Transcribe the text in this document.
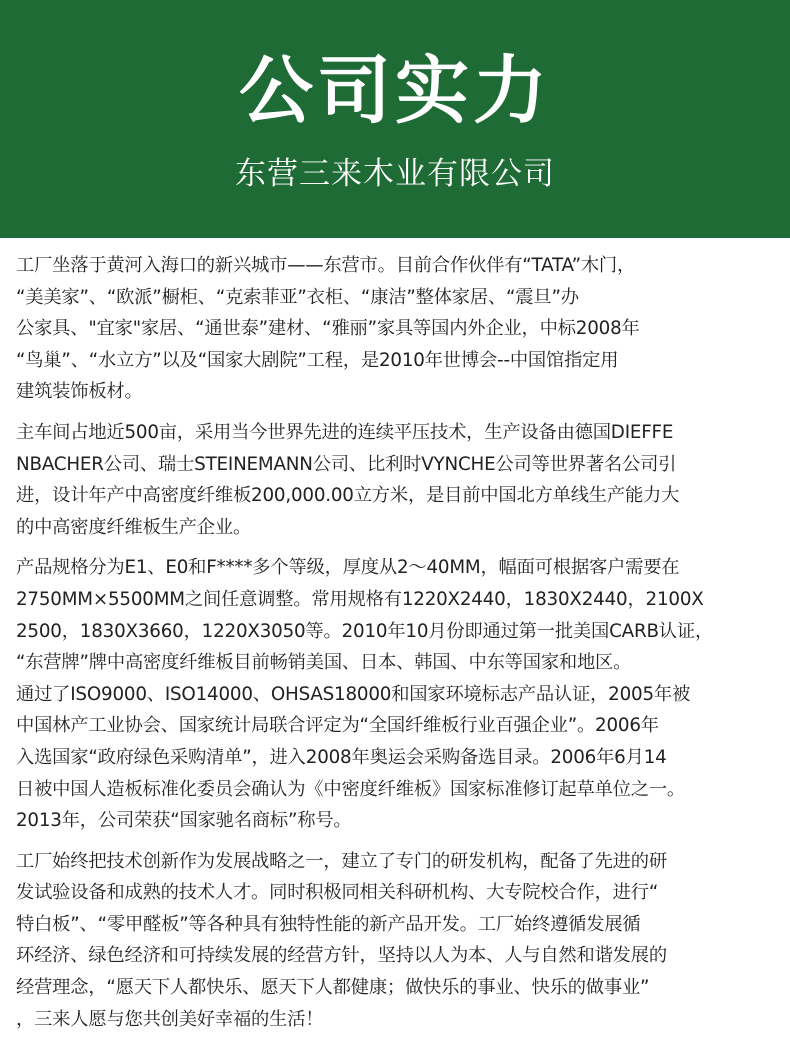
公司实力
东营三来木业有限公司

工厂坐落于黄河入海口的新兴城市——东营市。目前合作伙伴有“TATA”木门，
“美美家”、“欧派”橱柜、“克索菲亚”衣柜、“康洁”整体家居、“震旦”办
公家具、"宜家"家居、“通世泰”建材、“雅丽”家具等国内外企业，中标2008年
“鸟巢”、“水立方”以及“国家大剧院”工程，是2010年世博会--中国馆指定用
建筑装饰板材。

主车间占地近500亩，采用当今世界先进的连续平压技术，生产设备由德国DIEFFE
NBACHER公司、瑞士STEINEMANN公司、比利时VYNCHE公司等世界著名公司引
进，设计年产中高密度纤维板200,000.00立方米，是目前中国北方单线生产能力大
的中高密度纤维板生产企业。

产品规格分为E1、E0和F****多个等级，厚度从2～40MM，幅面可根据客户需要在
2750MM×5500MM之间任意调整。常用规格有1220X2440，1830X2440，2100X
2500，1830X3660，1220X3050等。2010年10月份即通过第一批美国CARB认证，
“东营牌”牌中高密度纤维板目前畅销美国、日本、韩国、中东等国家和地区。
通过了ISO9000、ISO14000、OHSAS18000和国家环境标志产品认证，2005年被
中国林产工业协会、国家统计局联合评定为“全国纤维板行业百强企业”。2006年
入选国家“政府绿色采购清单”，进入2008年奥运会采购备选目录。2006年6月14
日被中国人造板标准化委员会确认为《中密度纤维板》国家标准修订起草单位之一。
2013年，公司荣获“国家驰名商标”称号。

工厂始终把技术创新作为发展战略之一，建立了专门的研发机构，配备了先进的研
发试验设备和成熟的技术人才。同时积极同相关科研机构、大专院校合作，进行“
特白板”、“零甲醛板”等各种具有独特性能的新产品开发。工厂始终遵循发展循
环经济、绿色经济和可持续发展的经营方针，坚持以人为本、人与自然和谐发展的
经营理念，“愿天下人都快乐、愿天下人都健康；做快乐的事业、快乐的做事业”
，三来人愿与您共创美好幸福的生活！
